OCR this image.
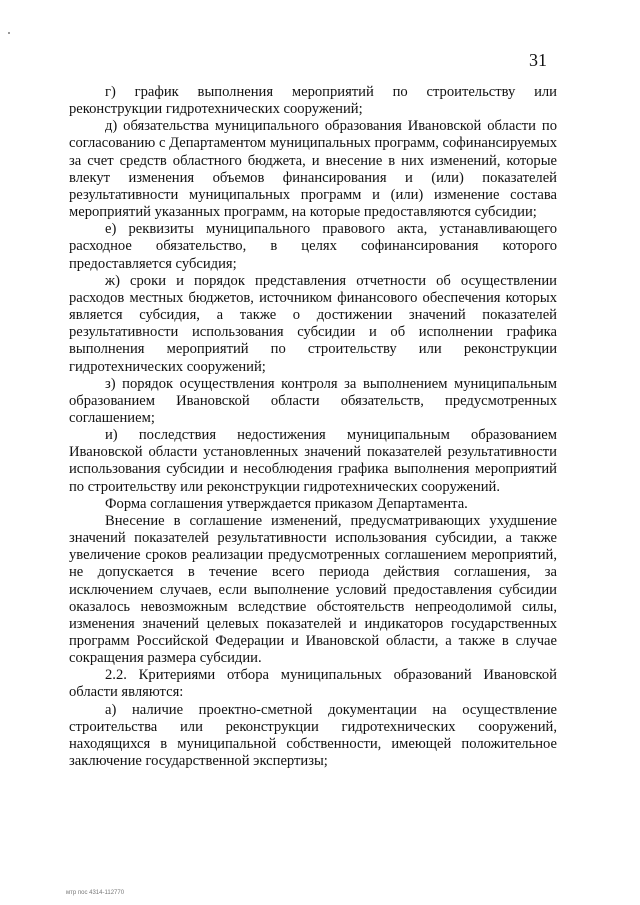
31

г) график выполнения мероприятий по строительству или реконструкции гидротехнических сооружений;

д) обязательства муниципального образования Ивановской области по согласованию с Департаментом муниципальных программ, софинансируемых за счет средств областного бюджета, и внесение в них изменений, которые влекут изменения объемов финансирования и (или) показателей результативности муниципальных программ и (или) изменение состава мероприятий указанных программ, на которые предоставляются субсидии;

е) реквизиты муниципального правового акта, устанавливающего расходное обязательство, в целях софинансирования которого предоставляется субсидия;

ж) сроки и порядок представления отчетности об осуществлении расходов местных бюджетов, источником финансового обеспечения которых является субсидия, а также о достижении значений показателей результативности использования субсидии и об исполнении графика выполнения мероприятий по строительству или реконструкции гидротехнических сооружений;

з) порядок осуществления контроля за выполнением муниципальным образованием Ивановской области обязательств, предусмотренных соглашением;

и) последствия недостижения муниципальным образованием Ивановской области установленных значений показателей результативности использования субсидии и несоблюдения графика выполнения мероприятий по строительству или реконструкции гидротехнических сооружений.

Форма соглашения утверждается приказом Департамента.

Внесение в соглашение изменений, предусматривающих ухудшение значений показателей результативности использования субсидии, а также увеличение сроков реализации предусмотренных соглашением мероприятий, не допускается в течение всего периода действия соглашения, за исключением случаев, если выполнение условий предоставления субсидии оказалось невозможным вследствие обстоятельств непреодолимой силы, изменения значений целевых показателей и индикаторов государственных программ Российской Федерации и Ивановской области, а также в случае сокращения размера субсидии.

2.2. Критериями отбора муниципальных образований Ивановской области являются:

а) наличие проектно-сметной документации на осуществление строительства или реконструкции гидротехнических сооружений, находящихся в муниципальной собственности, имеющей положительное заключение государственной экспертизы;

мтр пос 4314-112770
